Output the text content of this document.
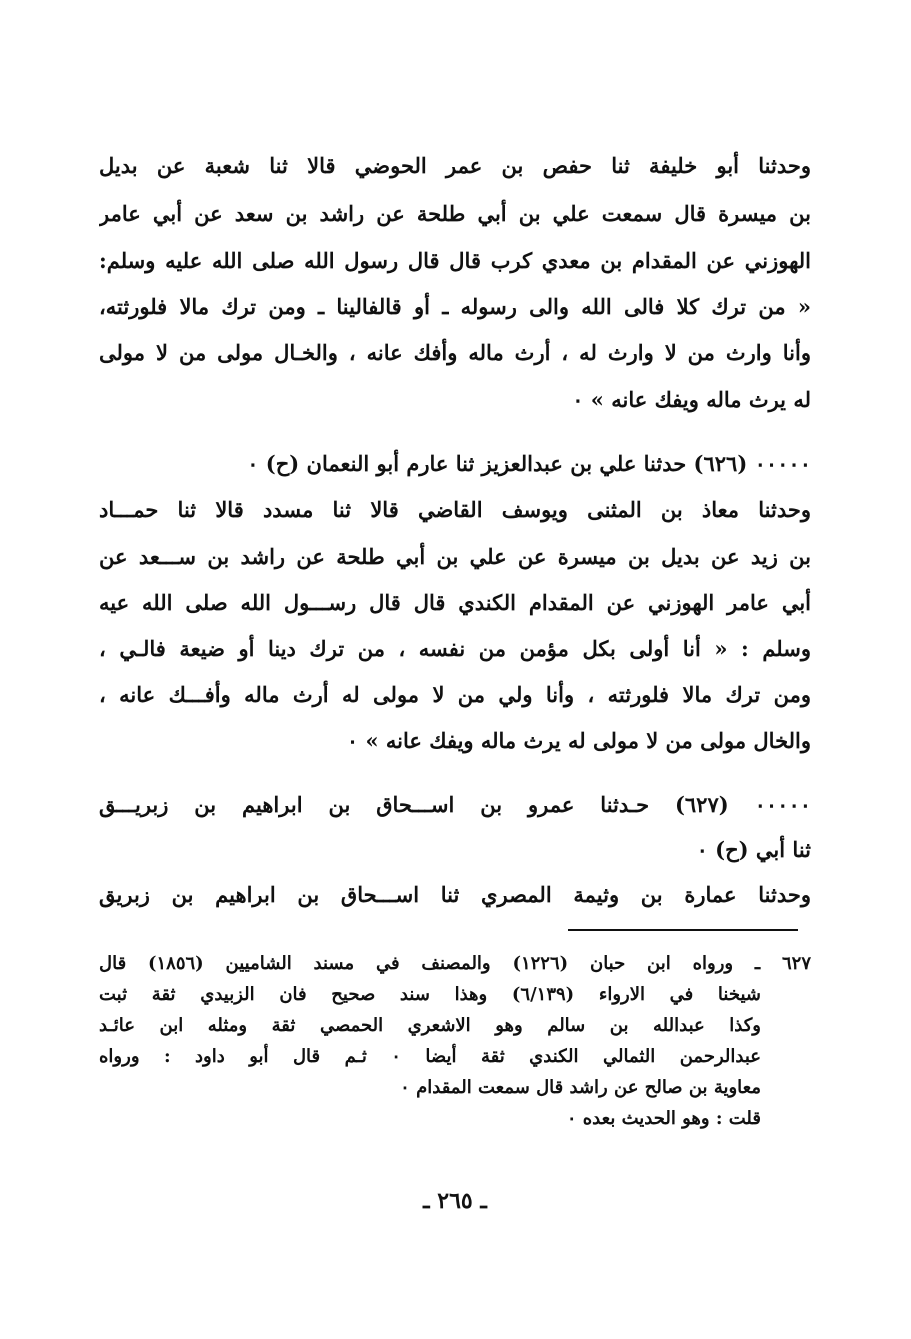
وحدثنا أبو خليفة ثنا حفص بن عمر الحوضي قالا ثنا شعبة عن بديل
بن ميسرة قال سمعت علي بن أبي طلحة عن راشد بن سعد عن أبي عامر
الهوزني عن المقدام بن معدي كرب قال قال رسول الله صلى الله عليه وسلم:
« من ترك كلا فالى الله والى رسوله ـ أو قالفالينا ـ ومن ترك مالا فلورثته،
وأنا وارث من لا وارث له ، أرث ماله وأفك عانه ، والخـال مولى من لا مولى
له يرث ماله ويفك عانه » ٠
٠٠٠٠٠ (٦٢٦) حدثنا علي بن عبدالعزيز ثنا عارم أبو النعمان (ح) ٠
وحدثنا معاذ بن المثنى ويوسف القاضي قالا ثنا مسدد قالا ثنا حمـــاد
بن زيد عن بديل بن ميسرة عن علي بن أبي طلحة عن راشد بن ســـعد عن
أبي عامر الهوزني عن المقدام الكندي قال قال رســـول الله صلى الله عيه
وسلم : « أنا أولى بكل مؤمن من نفسه ، من ترك دينا أو ضيعة فالـي ،
ومن ترك مالا فلورثته ، وأنا ولي من لا مولى له أرث ماله وأفـــك عانه ،
والخال مولى من لا مولى له يرث ماله ويفك عانه » ٠
٠٠٠٠٠ (٦٢٧) حـدثنا عمرو بن اســـحاق بن ابراهيم بن زبريـــق
ثنا أبي (ح) ٠
وحدثنا عمارة بن وثيمة المصري ثنا اســـحاق بن ابراهيم بن زبريق
٦٢٧ ـ ورواه ابن حبان (١٢٢٦) والمصنف في مسند الشاميين (١٨٥٦) قال
شيخنا في الارواء (٦/١٣٩) وهذا سند صحيح فان الزبيدي ثقة ثبت
وكذا عبدالله بن سالم وهو الاشعري الحمصي ثقة ومثله ابن عائـد
عبدالرحمن الثمالي الكندي ثقة أيضا ٠ ثـم قال أبو داود : ورواه
معاوية بن صالح عن راشد قال سمعت المقدام ٠
قلت : وهو الحديث بعده ٠
ـ ٢٦٥ ـ
